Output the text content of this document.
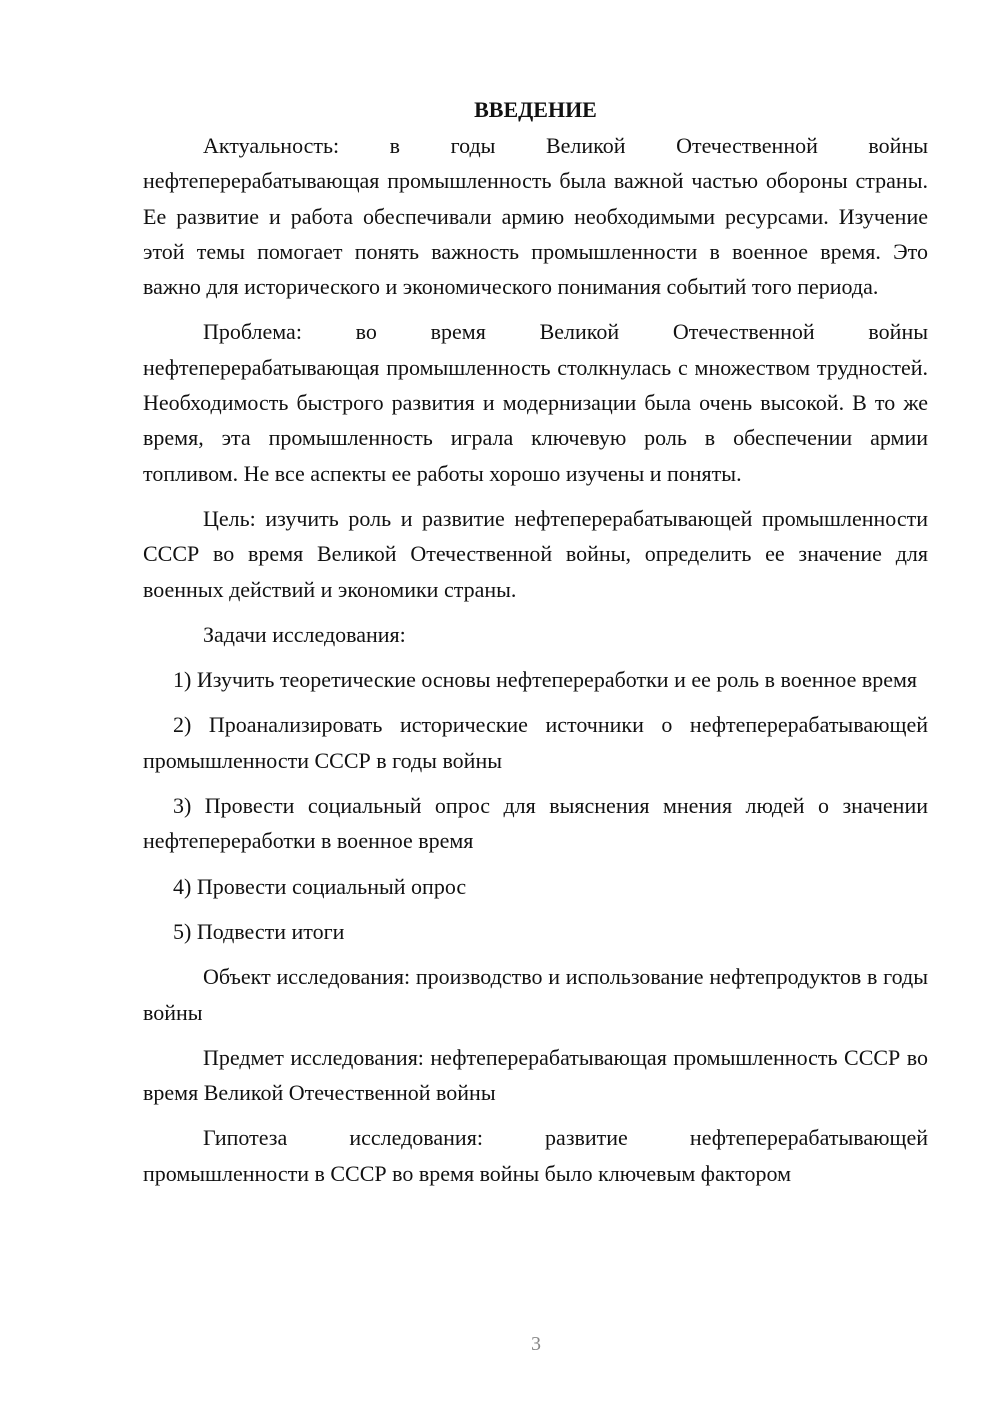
ВВЕДЕНИЕ

Актуальность: в годы Великой Отечественной войны нефтеперерабатывающая промышленность была важной частью обороны страны. Ее развитие и работа обеспечивали армию необходимыми ресурсами. Изучение этой темы помогает понять важность промышленности в военное время. Это важно для исторического и экономического понимания событий того периода.

Проблема: во время Великой Отечественной войны нефтеперерабатывающая промышленность столкнулась с множеством трудностей. Необходимость быстрого развития и модернизации была очень высокой. В то же время, эта промышленность играла ключевую роль в обеспечении армии топливом. Не все аспекты ее работы хорошо изучены и поняты.

Цель: изучить роль и развитие нефтеперерабатывающей промышленности СССР во время Великой Отечественной войны, определить ее значение для военных действий и экономики страны.

Задачи исследования:

1) Изучить теоретические основы нефтепереработки и ее роль в военное время

2) Проанализировать исторические источники о нефтеперерабатывающей промышленности СССР в годы войны

3) Провести социальный опрос для выяснения мнения людей о значении нефтепереработки в военное время

4) Провести социальный опрос

5) Подвести итоги

Объект исследования: производство и использование нефтепродуктов в годы войны

Предмет исследования: нефтеперерабатывающая промышленность СССР во время Великой Отечественной войны

Гипотеза исследования: развитие нефтеперерабатывающей промышленности в СССР во время войны было ключевым фактором

3
